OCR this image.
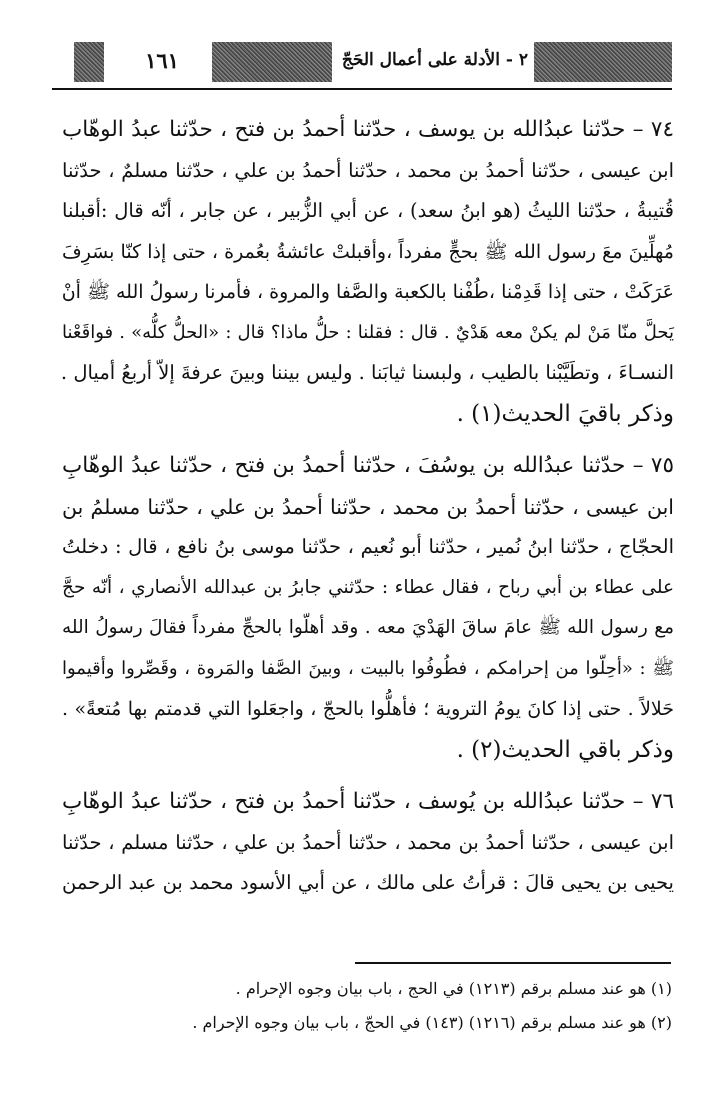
٢ - الأدلة على أعمال الحَجّ
١٦١
٧٤ – حدّثنا عبدُالله بن يوسف ، حدّثنا أحمدُ بن فتح ، حدّثنا عبدُ الوهّاب
ابن عيسى ، حدّثنا أحمدُ بن محمد ، حدّثنا أحمدُ بن علي ، حدّثنا مسلمٌ ، حدّثنا
قُتيبةُ ، حدّثنا الليثُ (هو ابنُ سعد) ، عن أبي الزُّبير ، عن جابر ، أنّه قال :أقبلنا
مُهلِّينَ معَ رسول الله ﷺ بحجٍّ مفرداً ،وأقبلتْ عائشةُ بعُمرة ، حتى إذا كنّا بسَرِفَ
عَرَكَتْ ، حتى إذا قَدِمْنا ،طُفْنا بالكعبة والصَّفا والمروة ، فأمرنا رسولُ الله ﷺ أنْ
يَحلَّ منّا مَنْ لم يكنْ معه هَدْيٌ . قال : فقلنا : حلُّ ماذا؟ قال : «الحلُّ كلُّه» . فواقَعْنا
النسـاءَ ، وتطَيَّبْنا بالطيب ، ولبسنا ثيابَنا . وليس بيننا وبينَ عرفةَ إلاّ أربعُ أميال .
وذكر باقيَ الحديث(١) .
٧٥ – حدّثنا عبدُالله بن يوسُفَ ، حدّثنا أحمدُ بن فتح ، حدّثنا عبدُ الوهّابِ
ابن عيسى ، حدّثنا أحمدُ بن محمد ، حدّثنا أحمدُ بن علي ، حدّثنا مسلمُ بن
الحجّاج ، حدّثنا ابنُ نُمير ، حدّثنا أبو نُعيم ، حدّثنا موسى بنُ نافع ، قال : دخلتُ
على عطاء بن أبي رباح ، فقال عطاء : حدّثني جابرُ بن عبدالله الأنصاري ، أنّه حجَّ
مع رسول الله ﷺ عامَ ساقَ الهَدْيَ معه . وقد أهلّوا بالحجِّ مفرداً فقالَ رسولُ الله
ﷺ : «أحِلّوا من إحرامكم ، فطُوفُوا بالبيت ، وبينَ الصَّفا والمَروة ، وقَصِّروا وأقيموا
حَلالاً . حتى إذا كانَ يومُ التروية ؛ فأهلُّوا بالحجّ ، واجعَلوا التي قدمتم بها مُتعةً» .
وذكر باقي الحديث(٢) .
٧٦ – حدّثنا عبدُالله بن يُوسف ، حدّثنا أحمدُ بن فتح ، حدّثنا عبدُ الوهّابِ
ابن عيسى ، حدّثنا أحمدُ بن محمد ، حدّثنا أحمدُ بن علي ، حدّثنا مسلم ، حدّثنا
يحيى بن يحيى قالَ : قرأتُ على مالك ، عن أبي الأسود محمد بن عبد الرحمن
(١) هو عند مسلم برقم (١٢١٣) في الحج ، باب بيان وجوه الإحرام .
(٢) هو عند مسلم برقم (١٢١٦) (١٤٣) في الحجّ ، باب بيان وجوه الإحرام .
